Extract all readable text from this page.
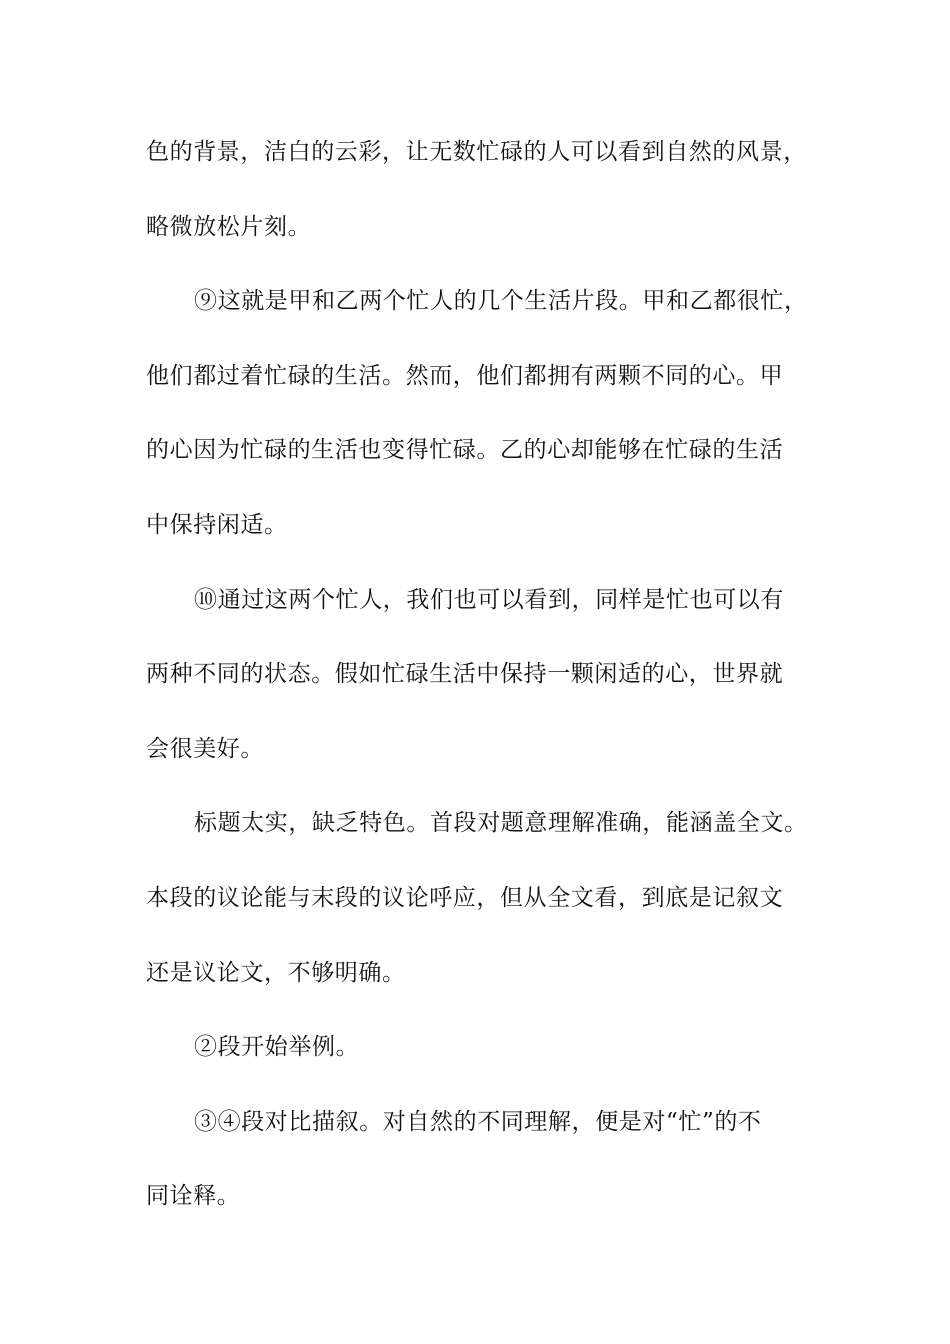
色的背景，洁白的云彩，让无数忙碌的人可以看到自然的风景，
略微放松片刻。
⑨这就是甲和乙两个忙人的几个生活片段。甲和乙都很忙，
他们都过着忙碌的生活。然而，他们都拥有两颗不同的心。甲
的心因为忙碌的生活也变得忙碌。乙的心却能够在忙碌的生活
中保持闲适。
⑩通过这两个忙人，我们也可以看到，同样是忙也可以有
两种不同的状态。假如忙碌生活中保持一颗闲适的心，世界就
会很美好。
标题太实，缺乏特色。首段对题意理解准确，能涵盖全文。
本段的议论能与末段的议论呼应，但从全文看，到底是记叙文
还是议论文，不够明确。
②段开始举例。
③④段对比描叙。对自然的不同理解，便是对“忙”的不
同诠释。
